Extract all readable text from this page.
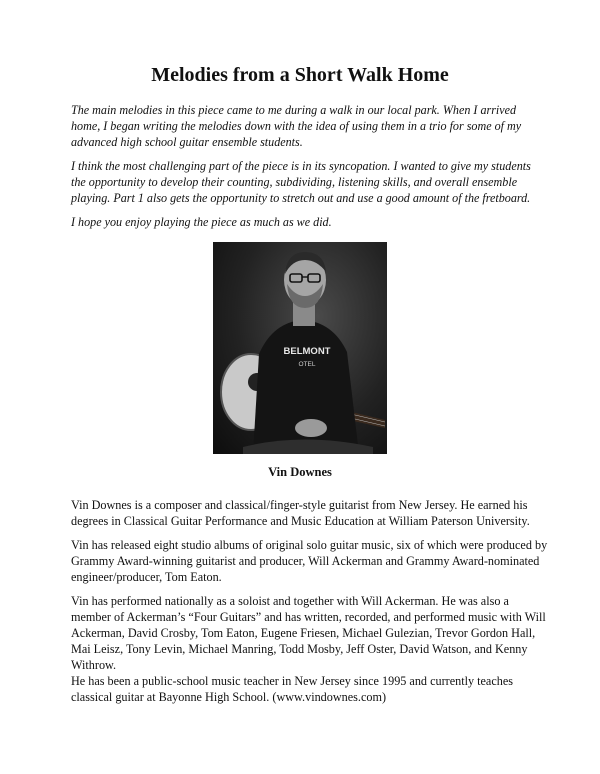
Melodies from a Short Walk Home

The main melodies in this piece came to me during a walk in our local park. When I arrived home, I began writing the melodies down with the idea of using them in a trio for some of my advanced high school guitar ensemble students.

I think the most challenging part of the piece is in its syncopation. I wanted to give my students the opportunity to develop their counting, subdividing, listening skills, and overall ensemble playing. Part 1 also gets the opportunity to stretch out and use a good amount of the fretboard.

I hope you enjoy playing the piece as much as we did.

BELMONT
OTEL
Vin Downes

Vin Downes is a composer and classical/finger-style guitarist from New Jersey. He earned his degrees in Classical Guitar Performance and Music Education at William Paterson University.

Vin has released eight studio albums of original solo guitar music, six of which were produced by Grammy Award-winning guitarist and producer, Will Ackerman and Grammy Award-nominated engineer/producer, Tom Eaton.

Vin has performed nationally as a soloist and together with Will Ackerman. He was also a member of Ackerman’s “Four Guitars” and has written, recorded, and performed music with Will Ackerman, David Crosby, Tom Eaton, Eugene Friesen, Michael Gulezian, Trevor Gordon Hall, Mai Leisz, Tony Levin, Michael Manring, Todd Mosby, Jeff Oster, David Watson, and Kenny Withrow.

He has been a public-school music teacher in New Jersey since 1995 and currently teaches classical guitar at Bayonne High School. (www.vindownes.com)
